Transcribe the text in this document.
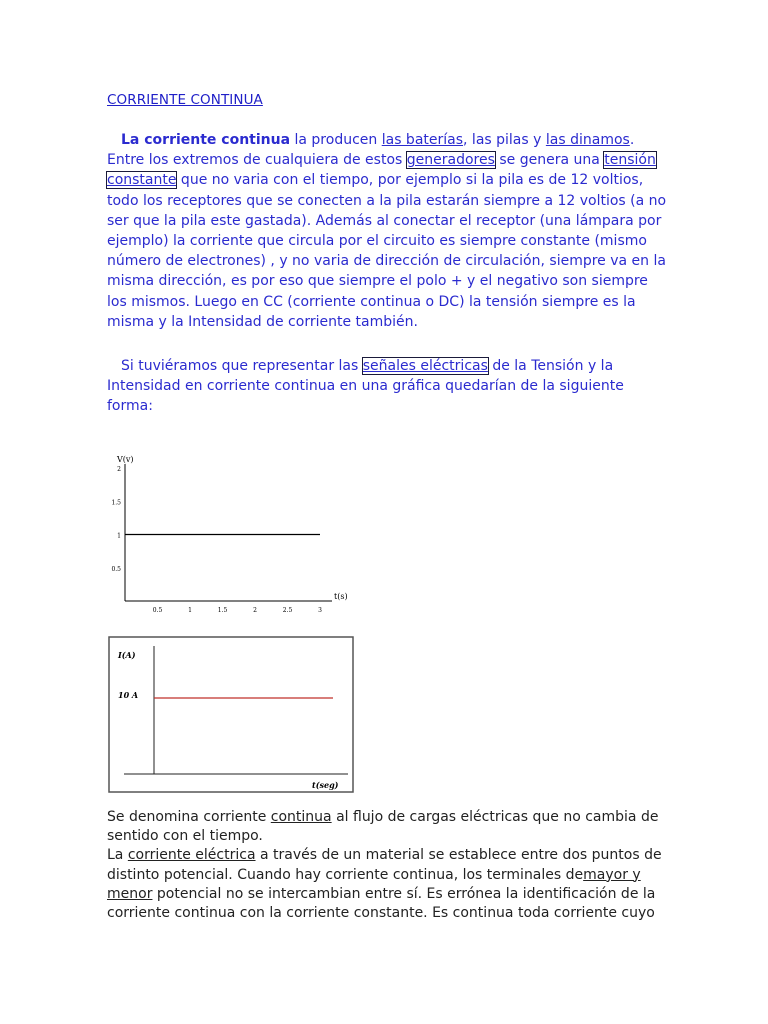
CORRIENTE CONTINUA
La corriente continua la producen las baterías, las pilas y las dinamos. Entre los extremos de cualquiera de estos generadores se genera una tensión constante que no varia con el tiempo, por ejemplo si la pila es de 12 voltios, todo los receptores que se conecten a la pila estarán siempre a 12 voltios (a no ser que la pila este gastada). Además al conectar el receptor (una lámpara por ejemplo) la corriente que circula por el circuito es siempre constante (mismo número de electrones) , y no varia de dirección de circulación, siempre va en la misma dirección, es por eso que siempre el polo + y el negativo son siempre los mismos. Luego en CC (corriente continua o DC) la tensión siempre es la misma y la Intensidad de corriente también.
Si tuviéramos que representar las señales eléctricas de la Tensión y la Intensidad en corriente continua en una gráfica quedarían de la siguiente forma:
V(v)
t(s)
2
1.5
1
0.5
0.5	1	1.5	2	2.5	3
I(A)
10 A
t(seg)
Se denomina corriente continua al flujo de cargas eléctricas que no cambia de sentido con el tiempo.
La corriente eléctrica a través de un material se establece entre dos puntos de distinto potencial. Cuando hay corriente continua, los terminales demayor y menor potencial no se intercambian entre sí. Es errónea la identificación de la corriente continua con la corriente constante. Es continua toda corriente cuyo
